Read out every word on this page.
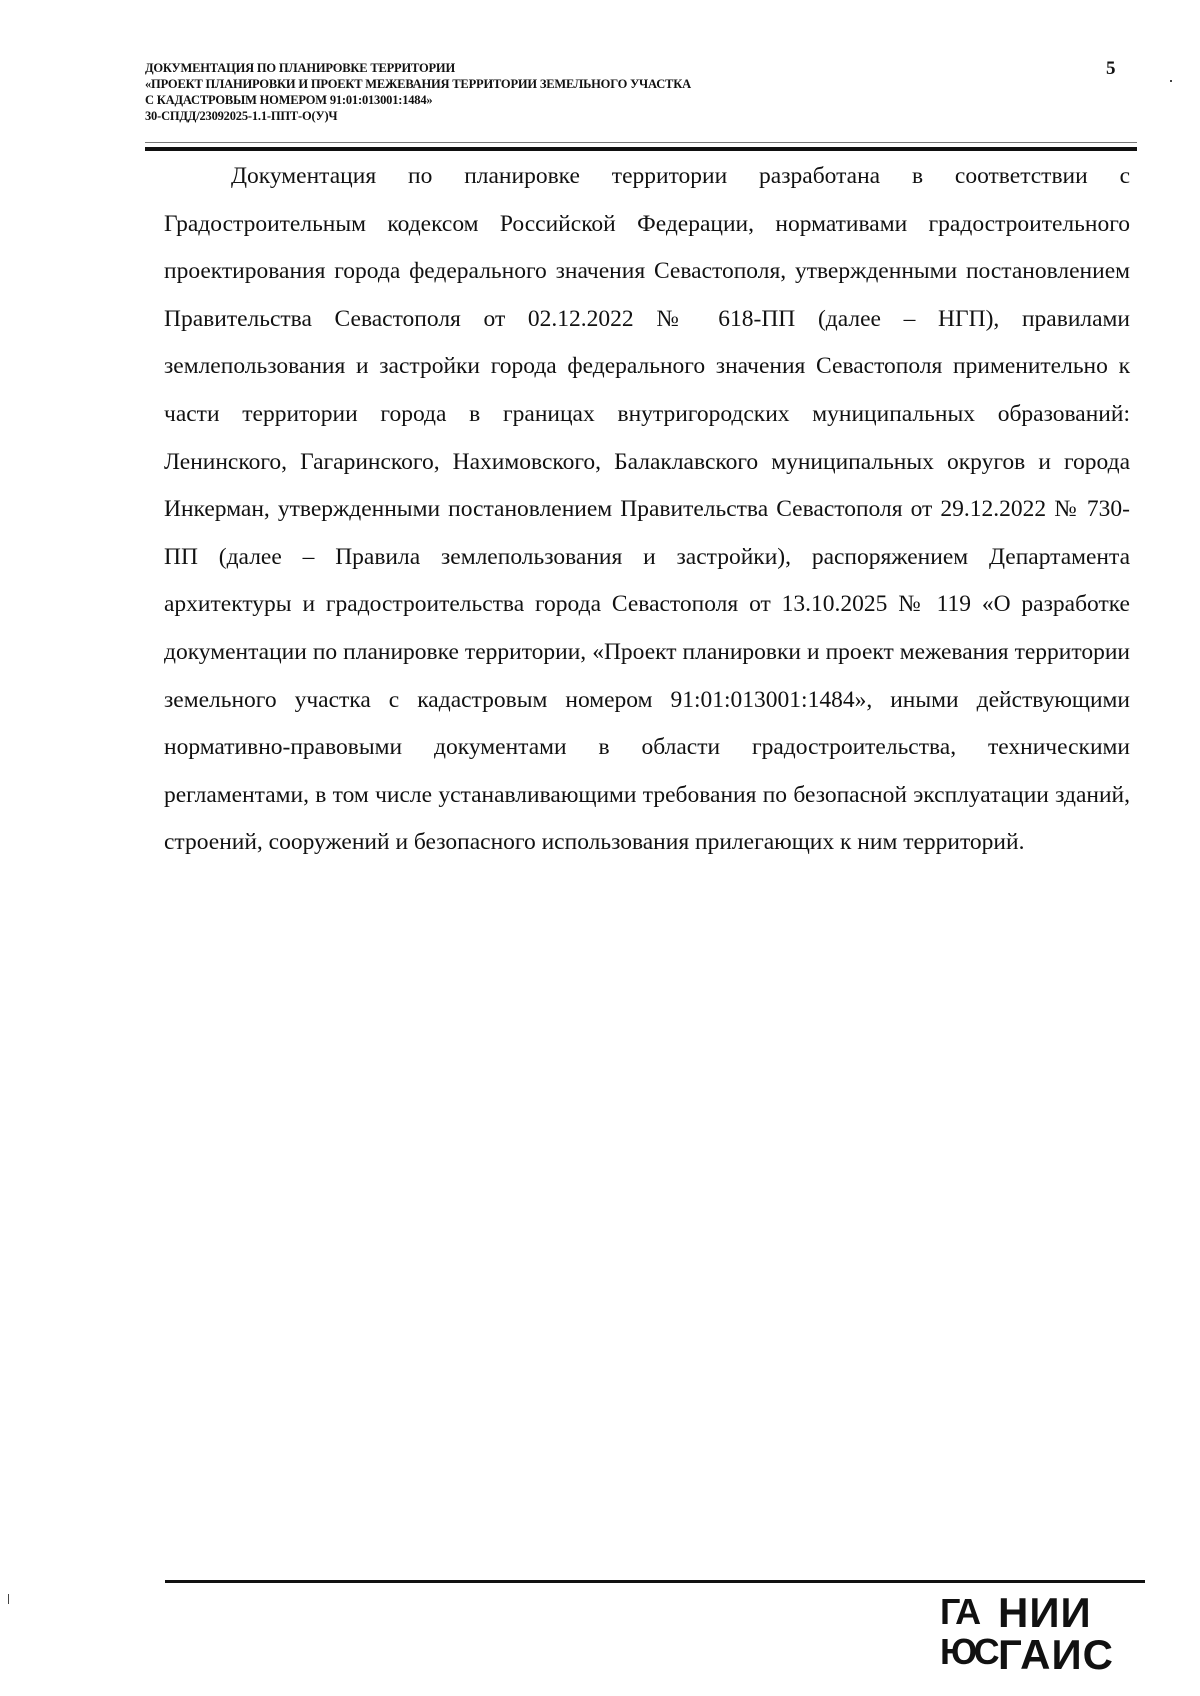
ДОКУМЕНТАЦИЯ ПО ПЛАНИРОВКЕ ТЕРРИТОРИИ
«ПРОЕКТ ПЛАНИРОВКИ И ПРОЕКТ МЕЖЕВАНИЯ ТЕРРИТОРИИ ЗЕМЕЛЬНОГО УЧАСТКА
С КАДАСТРОВЫМ НОМЕРОМ 91:01:013001:1484»
30-СПДД/23092025-1.1-ППТ-О(У)Ч
5

Документация по планировке территории разработана в соответствии с Градостроительным кодексом Российской Федерации, нормативами градостроительного проектирования города федерального значения Севастополя, утвержденными постановлением Правительства Севастополя от 02.12.2022 № 618-ПП (далее – НГП), правилами землепользования и застройки города федерального значения Севастополя применительно к части территории города в границах внутригородских муниципальных образований: Ленинского, Гагаринского, Нахимовского, Балаклавского муниципальных округов и города Инкерман, утвержденными постановлением Правительства Севастополя от 29.12.2022 № 730-ПП (далее – Правила землепользования и застройки), распоряжением Департамента архитектуры и градостроительства города Севастополя от 13.10.2025 № 119 «О разработке документации по планировке территории, «Проект планировки и проект межевания территории земельного участка с кадастровым номером 91:01:013001:1484», иными действующими нормативно-правовыми документами в области градостроительства, техническими регламентами, в том числе устанавливающими требования по безопасной эксплуатации зданий, строений, сооружений и безопасного использования прилегающих к ним территорий.

ГА
ЮС
НИИ
ГАИС
